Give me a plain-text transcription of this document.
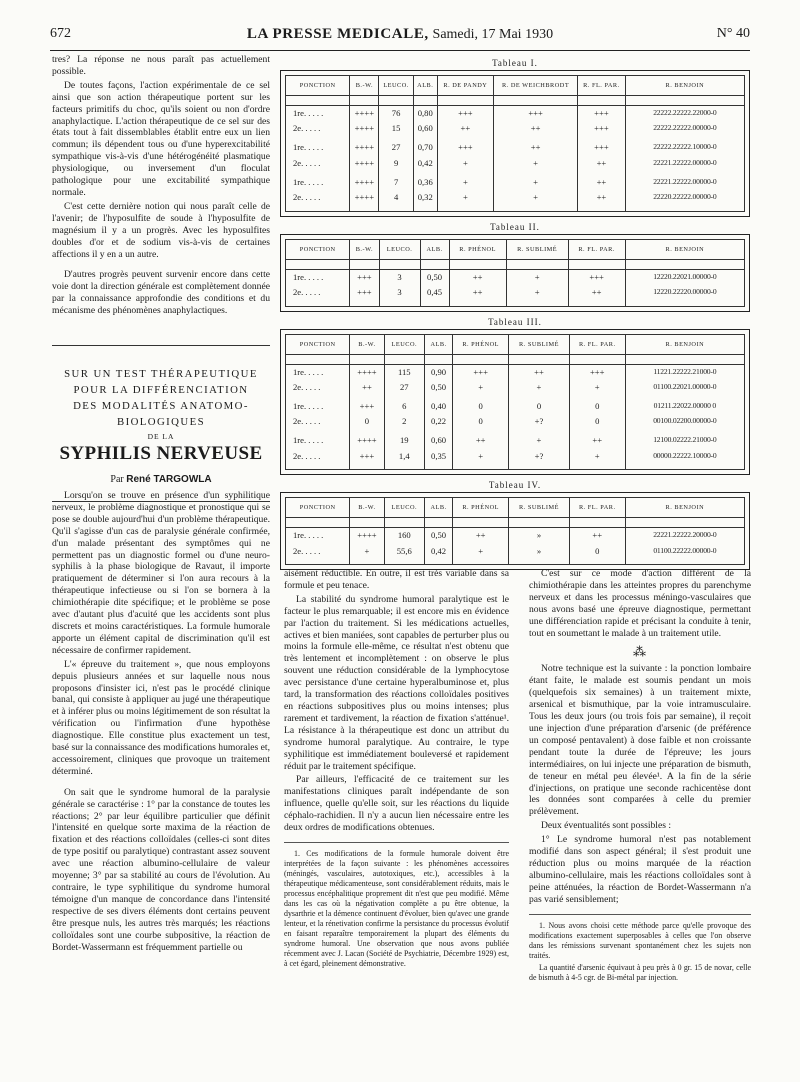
672	LA PRESSE MEDICALE, Samedi, 17 Mai 1930	N° 40

tres? La réponse ne nous paraît pas actuellement possible.

De toutes façons, l'action expérimentale de ce sel ainsi que son action thérapeutique portent sur les facteurs primitifs du choc, qu'ils soient ou non d'ordre anaphylactique. L'action thérapeutique de ce sel sur des états tout à fait dissemblables établit entre eux un lien commun; ils dépendent tous ou d'une hyperexcitabilité sympathique vis-à-vis d'une hétérogénéité plasmatique physiologique, ou inversement d'un floculat pathologique pour une excitabilité sympathique normale.

C'est cette dernière notion qui nous paraît celle de l'avenir; de l'hyposulfite de soude à l'hyposulfite de magnésium il y a un progrès. Avec les hyposulfites doubles d'or et de sodium vis-à-vis de certaines affections il y en a un autre.

D'autres progrès peuvent survenir encore dans cette voie dont la direction générale est complètement donnée par la connaissance approfondie des conditions et du mécanisme des phénomènes anaphylactiques.

Tableau I.
PONCTION	B.-W.	LEUCO.	ALB.	R. DE PANDY	R. DE WEICHBRODT	R. FL. PAR.	R. BENJOIN

1re. . . . .	++++	76	0,80	+++	+++	+++	22222.22222.22000-0
2e. . . . .	++++	15	0,60	++	++	+++	22222.22222.00000-0
1re. . . . .	++++	27	0,70	+++	++	+++	22222.22222.10000-0
2e. . . . .	++++	9	0,42	+	+	++	22221.22222.00000-0
1re. . . . .	++++	7	0,36	+	+	++	22221.22222.00000-0
2e. . . . .	++++	4	0,32	+	+	++	22220.22222.00000-0

Tableau II.
PONCTION	B.-W.	LEUCO.	ALB.	R. PHÉNOL	R. SUBLIMÉ	R. FL. PAR.	R. BENJOIN

1re. . . . .	+++	3	0,50	++	+	+++	12220.22021.00000-0
2e. . . . .	+++	3	0,45	++	+	++	12220.22220.00000-0

Tableau III.
PONCTION	B.-W.	LEUCO.	ALB.	R. PHÉNOL	R. SUBLIMÉ	R. FL. PAR.	R. BENJOIN

1re. . . . .	++++	115	0,90	+++	++	+++	11221.22222.21000-0
2e. . . . .	++	27	0,50	+	+	+	01100.22021.00000-0
1re. . . . .	+++	6	0,40	0	0	0	01211.22022.00000 0
2e. . . . .	0	2	0,22	0	+?	0	00100.02200.00000-0
1re. . . . .	++++	19	0,60	++	+	++	12100.02222.21000-0
2e. . . . .	+++	1,4	0,35	+	+?	+	00000.22222.10000-0

Tableau IV.
PONCTION	B.-W.	LEUCO.	ALB.	R. PHÉNOL	R. SUBLIMÉ	R. FL. PAR.	R. BENJOIN

1re. . . . .	++++	160	0,50	++	»	++	22221.22222.20000-0
2e. . . . .	+	55,6	0,42	+	»	0	01100.22222.00000-0

SUR UN TEST THÉRAPEUTIQUE
POUR LA DIFFÉRENCIATION
DES MODALITÉS ANATOMO-BIOLOGIQUES
DE LA
SYPHILIS NERVEUSE
Par René TARGOWLA

Lorsqu'on se trouve en présence d'un syphilitique nerveux, le problème diagnostique et pronostique qui se pose se double aujourd'hui d'un problème thérapeutique. Qu'il s'agisse d'un cas de paralysie générale confirmée, d'un malade présentant des symptômes qui ne permettent pas un diagnostic formel ou d'une neuro-syphilis à la phase biologique de Ravaut, il importe pratiquement de déterminer si l'on aura recours à la thérapeutique infectieuse ou si l'on se bornera à la chimiothérapie dite spécifique; et le problème se pose avec d'autant plus d'acuité que les accidents sont plus discrets et moins caractéristiques. La formule humorale apporte un élément capital de discrimination qu'il est nécessaire de confirmer rapidement.

L'« épreuve du traitement », que nous employons depuis plusieurs années et sur laquelle nous nous proposons d'insister ici, n'est pas le procédé clinique banal, qui consiste à appliquer au jugé une thérapeutique et à inférer plus ou moins légitimement de son résultat la vérification ou l'infirmation d'une hypothèse diagnostique. Elle constitue plus exactement un test, basé sur la connaissance des modifications humorales et, accessoirement, cliniques que provoque un traitement déterminé.

On sait que le syndrome humoral de la paralysie générale se caractérise : 1° par la constance de toutes les réactions; 2° par leur équilibre particulier que définit l'intensité en quelque sorte maxima de la réaction de fixation et des réactions colloïdales (celles-ci sont dites de type positif ou paralytique) contrastant assez souvent avec une réaction albumino-cellulaire de valeur moyenne; 3° par sa stabilité au cours de l'évolution. Au contraire, le type syphilitique du syndrome humoral témoigne d'un manque de concordance dans l'intensité respective de ses divers éléments dont certains peuvent être presque nuls, les autres très marqués; les réactions colloïdales sont une courbe subpositive, la réaction de Bordet-Wassermann est fréquemment partielle ou

aisément réductible. En outre, il est très variable dans sa formule et peu tenace.

La stabilité du syndrome humoral paralytique est le facteur le plus remarquable; il est encore mis en évidence par l'action du traitement. Si les médications actuelles, actives et bien maniées, sont capables de perturber plus ou moins la formule elle-même, ce résultat n'est obtenu que très lentement et incomplètement : on observe le plus souvent une réduction considérable de la lymphocytose avec persistance d'une certaine hyperalbuminose et, plus tard, la transformation des réactions colloïdales positives en réactions subpositives plus ou moins intenses; plus rarement et tardivement, la réaction de fixation s'atténue¹. La résistance à la thérapeutique est donc un attribut du syndrome humoral paralytique. Au contraire, le type syphilitique est immédiatement bouleversé et rapidement réduit par le traitement spécifique.

Par ailleurs, l'efficacité de ce traitement sur les manifestations cliniques paraît indépendante de son influence, quelle qu'elle soit, sur les réactions du liquide céphalo-rachidien. Il n'y a aucun lien nécessaire entre les deux ordres de modifications obtenues.

1. Ces modifications de la formule humorale doivent être interprétées de la façon suivante : les phénomènes accessoires (méningés, vasculaires, autotoxiques, etc.), accessibles à la thérapeutique médicamenteuse, sont considérablement réduits, mais le processus encéphalitique proprement dit n'est que peu modifié. Même dans les cas où la négativation complète a pu être obtenue, la dysarthrie et la démence continuent d'évoluer, bien qu'avec une grande lenteur, et la rénetivation confirme la persistance du processus évolutif en faisant reparaître temporairement la plupart des éléments du syndrome humoral. Une observation que nous avons publiée récemment avec J. Lacan (Société de Psychiatrie, Décembre 1929) est, à cet égard, pleinement démonstrative.

C'est sur ce mode d'action différent de la chimiothérapie dans les atteintes propres du parenchyme nerveux et dans les processus méningo-vasculaires que nous avons basé une épreuve diagnostique, permettant une différenciation rapide et précisant la conduite à tenir, tout en soumettant le malade à un traitement utile.

⁂

Notre technique est la suivante : la ponction lombaire étant faite, le malade est soumis pendant un mois (quelquefois six semaines) à un traitement mixte, arsenical et bismuthique, par la voie intramusculaire. Tous les deux jours (ou trois fois par semaine), il reçoit une injection d'une préparation d'arsenic (de préférence un composé pentavalent) à dose faible et non croissante pendant toute la durée de l'épreuve; les jours intermédiaires, on lui injecte une préparation de bismuth, de teneur en métal peu élevée¹. A la fin de la série d'injections, on pratique une seconde rachicentèse dont les données sont comparées à celle du premier prélèvement.

Deux éventualités sont possibles :

1° Le syndrome humoral n'est pas notablement modifié dans son aspect général; il s'est produit une réduction plus ou moins marquée de la réaction albumino-cellulaire, mais les réactions colloïdales sont à peine atténuées, la réaction de Bordet-Wassermann n'a pas varié sensiblement;

1. Nous avons choisi cette méthode parce qu'elle provoque des modifications exactement superposables à celles que l'on observe dans les rémissions survenant spontanément chez les sujets non traités.

La quantité d'arsenic équivaut à peu près à 0 gr. 15 de novar, celle de bismuth à 4-5 cgr. de Bi-métal par injection.
